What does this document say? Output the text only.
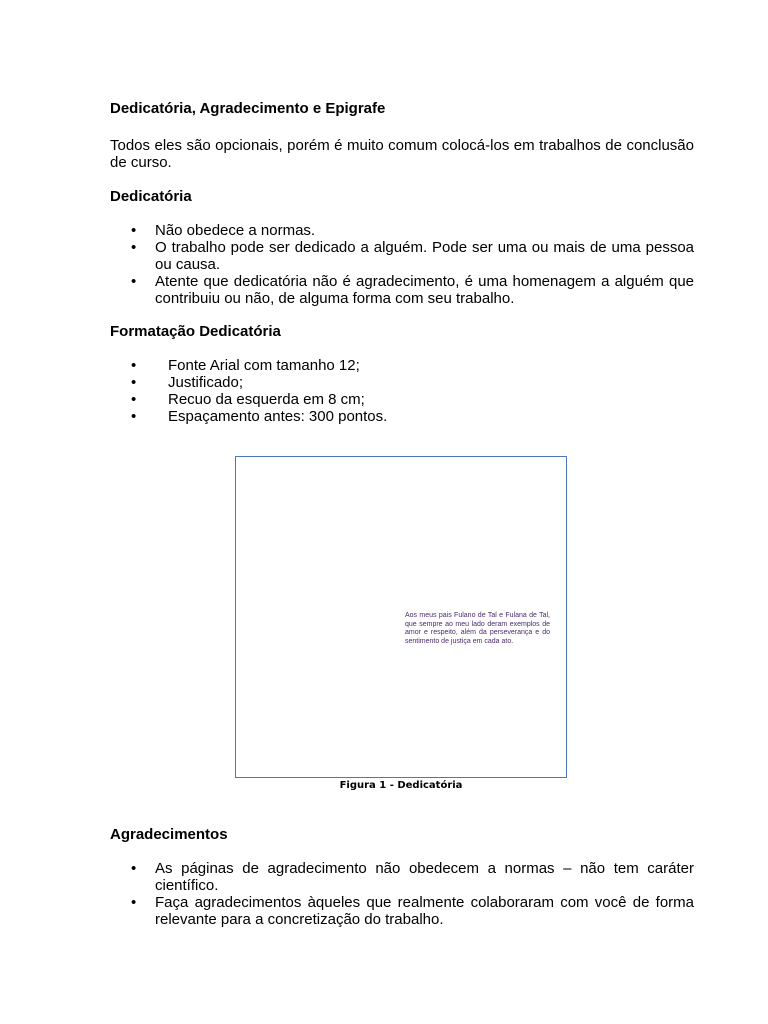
Dedicatória, Agradecimento e Epigrafe

Todos eles são opcionais, porém é muito comum colocá-los em trabalhos de conclusão de curso.

Dedicatória

• Não obedece a normas.
• O trabalho pode ser dedicado a alguém. Pode ser uma ou mais de uma pessoa ou causa.
• Atente que dedicatória não é agradecimento, é uma homenagem a alguém que contribuiu ou não, de alguma forma com seu trabalho.

Formatação Dedicatória

• Fonte Arial com tamanho 12;
• Justificado;
• Recuo da esquerda em 8 cm;
• Espaçamento antes: 300 pontos.
Aos meus pais Fulano de Tal e Fulana de Tal, que sempre ao meu lado deram exemplos de amor e respeito, além da perseverança e do sentimento de justiça em cada ato.
Figura 1 - Dedicatória

Agradecimentos

• As páginas de agradecimento não obedecem a normas – não tem caráter científico.
• Faça agradecimentos àqueles que realmente colaboraram com você de forma relevante para a concretização do trabalho.
